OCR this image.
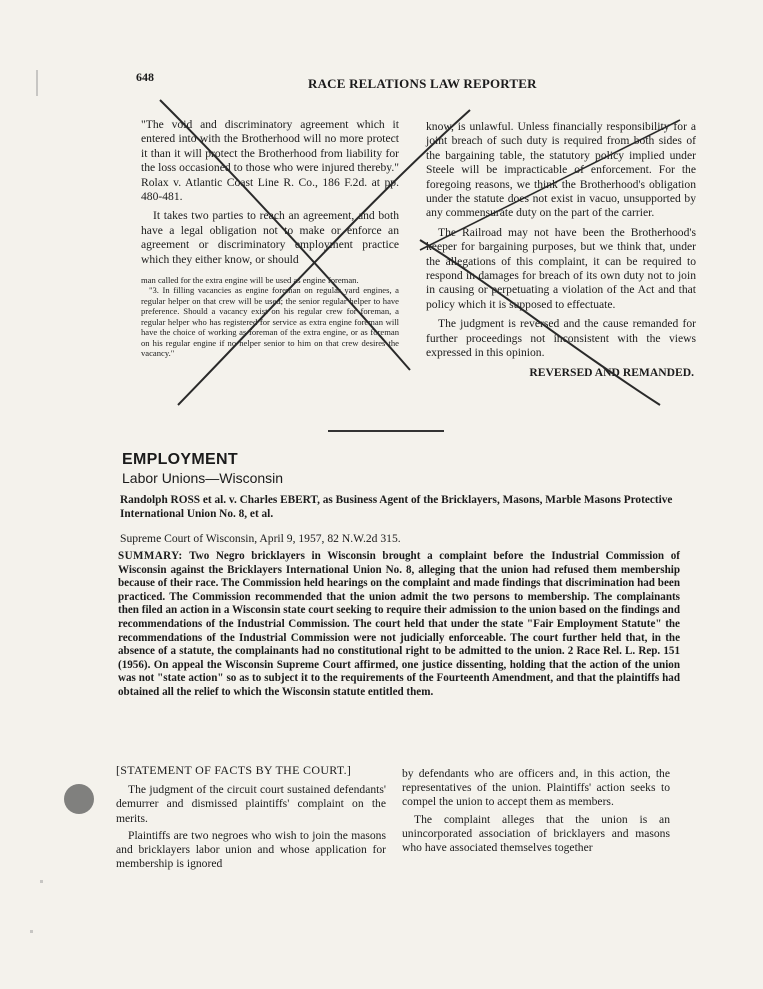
648	RACE RELATIONS LAW REPORTER

"The void and discriminatory agreement which it entered into with the Brotherhood will no more protect it than it will protect the Brotherhood from liability for the loss occasioned to those who were injured thereby." Rolax v. Atlantic Coast Line R. Co., 186 F.2d. at pp. 480-481.

It takes two parties to reach an agreement, and both have a legal obligation not to make or enforce an agreement or discriminatory employment practice which they either know, or should

man called for the extra engine will be used as engine foreman.

"3. In filling vacancies as engine foreman on regular yard engines, a regular helper on that crew will be used; the senior regular helper to have preference. Should a vacancy exist on his regular crew for foreman, a regular helper who has registered for service as extra engine foreman will have the choice of working as foreman of the extra engine, or as foreman on his regular engine if no helper senior to him on that crew desires the vacancy."

know, is unlawful. Unless financially responsibility for a joint breach of such duty is required from both sides of the bargaining table, the statutory policy implied under Steele will be impracticable of enforcement. For the foregoing reasons, we think the Brotherhood's obligation under the statute does not exist in vacuo, unsupported by any commensurate duty on the part of the carrier.

The Railroad may not have been the Brotherhood's keeper for bargaining purposes, but we think that, under the allegations of this complaint, it can be required to respond in damages for breach of its own duty not to join in causing or perpetuating a violation of the Act and that policy which it is supposed to effectuate.

The judgment is reversed and the cause remanded for further proceedings not inconsistent with the views expressed in this opinion.

REVERSED AND REMANDED.
EMPLOYMENT
Labor Unions—Wisconsin
Randolph ROSS et al. v. Charles EBERT, as Business Agent of the Bricklayers, Masons, Marble Masons Protective International Union No. 8, et al.
Supreme Court of Wisconsin, April 9, 1957, 82 N.W.2d 315.
SUMMARY: Two Negro bricklayers in Wisconsin brought a complaint before the Industrial Commission of Wisconsin against the Bricklayers International Union No. 8, alleging that the union had refused them membership because of their race. The Commission held hearings on the complaint and made findings that discrimination had been practiced. The Commission recommended that the union admit the two persons to membership. The complainants then filed an action in a Wisconsin state court seeking to require their admission to the union based on the findings and recommendations of the Industrial Commission. The court held that under the state "Fair Employment Statute" the recommendations of the Industrial Commission were not judicially enforceable. The court further held that, in the absence of a statute, the complainants had no constitutional right to be admitted to the union. 2 Race Rel. L. Rep. 151 (1956). On appeal the Wisconsin Supreme Court affirmed, one justice dissenting, holding that the action of the union was not "state action" so as to subject it to the requirements of the Fourteenth Amendment, and that the plaintiffs had obtained all the relief to which the Wisconsin statute entitled them.

[STATEMENT OF FACTS BY THE COURT.]

The judgment of the circuit court sustained defendants' demurrer and dismissed plaintiffs' complaint on the merits.

Plaintiffs are two negroes who wish to join the masons and bricklayers labor union and whose application for membership is ignored

by defendants who are officers and, in this action, the representatives of the union. Plaintiffs' action seeks to compel the union to accept them as members.

The complaint alleges that the union is an unincorporated association of bricklayers and masons who have associated themselves together
